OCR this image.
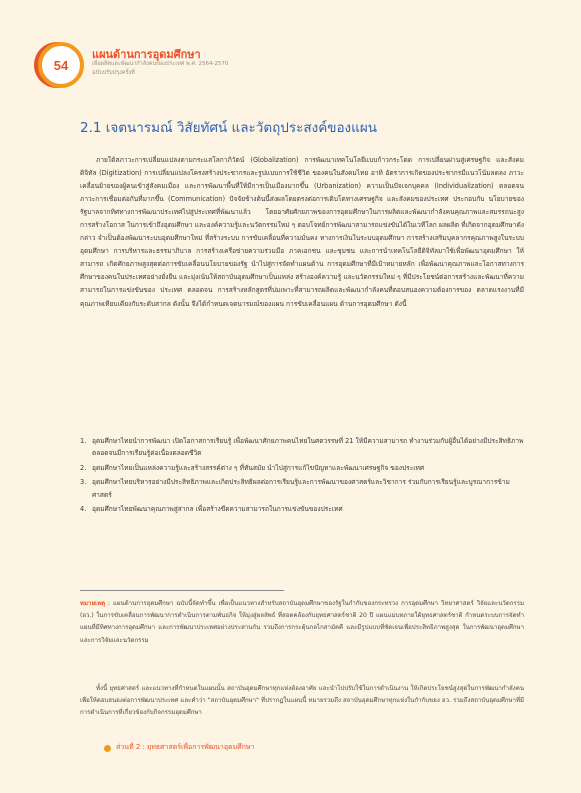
54
แผนด้านการอุดมศึกษา
เพื่อผลิตและพัฒนากำลังคนของประเทศ พ.ศ. 2564-2570
ฉบับปรับปรุงครั้งที่
2.1 เจตนารมณ์ วิสัยทัศน์ และวัตถุประสงค์ของแผน
ภายใต้สภาวะการเปลี่ยนแปลงตามกระแสโลกาภิวัตน์ (Globalization) การพัฒนาเทคโนโลยีแบบก้าวกระโดด การเปลี่ยนผ่านสู่เศรษฐกิจ และสังคมดิจิทัล (Digitization) การเปลี่ยนแปลงโครงสร้างประชากรและรูปแบบการใช้ชีวิต ของคนในสังคมไทย อาทิ อัตราการเกิดของประชากรมีแนวโน้มลดลง ภาวะเคลื่อนย้ายของผู้คนเข้าสู่สังคมเมือง และการพัฒนาพื้นที่ให้มีการเป็นเมืองมากขึ้น (Urbanization) ความเป็นปัจเจกบุคคล (Individualization) ตลอดจน ภาวะการเชื่อมต่อกันที่มากขึ้น (Communication) ปัจจัยข้างต้นนี้ส่งผลโดยตรงต่อการเติบโตทางเศรษฐกิจ และสังคมของประเทศ ประกอบกับ นโยบายของรัฐบาลจากทิศทางการพัฒนาประเทศไปสู่ประเทศที่พัฒนาแล้ว โดยอาศัยศักยภาพของการอุดมศึกษาในการผลิตและพัฒนากำลังคนคุณภาพและสมรรถนะสูง การสร้างโอกาส ในการเข้าถึงอุดมศึกษา และองค์ความรู้และนวัตกรรมใหม่ ๆ ตอบโจทย์การพัฒนาสามารถแข่งขันได้ในเวทีโลก ผลผลิต ที่เกิดจากอุดมศึกษาดังกล่าว จำเป็นต้องพัฒนาระบบอุดมศึกษาใหม่ ที่สร้างระบบ การขับเคลื่อนที่ความมั่นคง ทางการเงินในระบบอุดมศึกษา การสร้างเสริมบุคลากรคุณภาพสูงในระบบอุดมศึกษา การบริหารและธรรมาภิบาล การสร้างเครือข่ายความร่วมมือ ภาคเอกชน และชุมชน และการนำเทคโนโลยีดิจิทัลมาใช้เพื่อพัฒนาอุดมศึกษา ให้สามารถ เกิดศักยภาพสูงสุดต่อการขับเคลื่อนนโยบายของรัฐ นำไปสู่การจัดทำแผนด้าน การอุดมศึกษาที่มีเป้าหมายหลัก เพื่อพัฒนาคุณภาพและโอกาสทางการศึกษาของคนในประเทศอย่างยั่งยืน และมุ่งเน้นให้สถาบันอุดมศึกษาเป็นแหล่ง สร้างองค์ความรู้ และนวัตกรรมใหม่ ๆ ที่มีประโยชน์ต่อการสร้างและพัฒนาที่ความสามารถในการแข่งขันของ ประเทศ ตลอดจน การสร้างหลักสูตรที่บ่มเพาะที่สามารถผลิตและพัฒนากำลังคนที่ตอบสนองความต้องการของ ตลาดแรงงานที่มีคุณภาพเทียบเคียงกับระดับสากล ดังนั้น จึงได้กำหนดเจตนารมณ์ของแผน การขับเคลื่อนแผน ด้านการอุดมศึกษา ดังนี้
1. อุดมศึกษาไทยนำการพัฒนา เปิดโอกาสการเรียนรู้ เพื่อพัฒนาศักยภาพคนไทยในศตวรรษที่ 21 ให้มีความสามารถ ทำงานร่วมกับผู้อื่นได้อย่างมีประสิทธิภาพ ตลอดจนมีการเรียนรู้ต่อเนื่องตลอดชีวิต
2. อุดมศึกษาไทยเป็นแหล่งความรู้และสร้างสรรค์ต่าง ๆ ที่ทันสมัย นำไปสู่การแก้ไขปัญหาและพัฒนาเศรษฐกิจ ของประเทศ
3. อุดมศึกษาไทยบริหารอย่างมีประสิทธิภาพและเกิดประสิทธิผลต่อการเรียนรู้และการพัฒนาของศาสตร์และวิชาการ ร่วมกับการเรียนรู้และบูรณาการข้ามศาสตร์
4. อุดมศึกษาไทยพัฒนาคุณภาพสู่สากล เพื่อสร้างขีดความสามารถในการแข่งขันของประเทศ
หมายเหตุ : แผนด้านการอุดมศึกษา ฉบับนี้จัดทำขึ้น เพื่อเป็นแนวทางสำหรับสถาบันอุดมศึกษาของรัฐในกำกับของกระทรวง การอุดมศึกษา วิทยาศาสตร์ วิจัยและนวัตกรรม (อว.) ในการขับเคลื่อนการพัฒนาการดำเนินการตามพันธกิจ ให้มุ่งสู่ผลลัพธ์ ที่สอดคล้องกับยุทธศาสตร์ชาติ 20 ปี แผนแม่บทภายใต้ยุทธศาสตร์ชาติ กำหนดระบบการจัดทำแผนที่มีทิศทางการอุดมศึกษา และการพัฒนาประเทศอย่างประสานกัน รวมถึงการกระตุ้นกลไกสามัคคี และมีรูปแบบที่ชัดเจนเพื่อประสิทธิภาพสูงสุด ในการพัฒนาอุดมศึกษาและการวิจัยและนวัตกรรม
ทั้งนี้ ยุทธศาสตร์ และแนวทางที่กำหนดในแผนนั้น สถาบันอุดมศึกษาทุกแห่งต้องอาศัย และนำไปปรับใช้ในการดำเนินงาน ให้เกิดประโยชน์สูงสุดในการพัฒนากำลังคน เพื่อให้ตอบสนองต่อการพัฒนาประเทศ และคำว่า "สถาบันอุดมศึกษา" ที่ปรากฏในแผนนี้ หมายรวมถึง สถาบันอุดมศึกษาทุกแห่งในกำกับของ อว. รวมถึงสถาบันอุดมศึกษาที่มีการดำเนินการที่เกี่ยวข้องกับกิจกรรมอุดมศึกษา
ส่วนที่ 2 : ยุทธศาสตร์เพื่อการพัฒนาอุดมศึกษา
